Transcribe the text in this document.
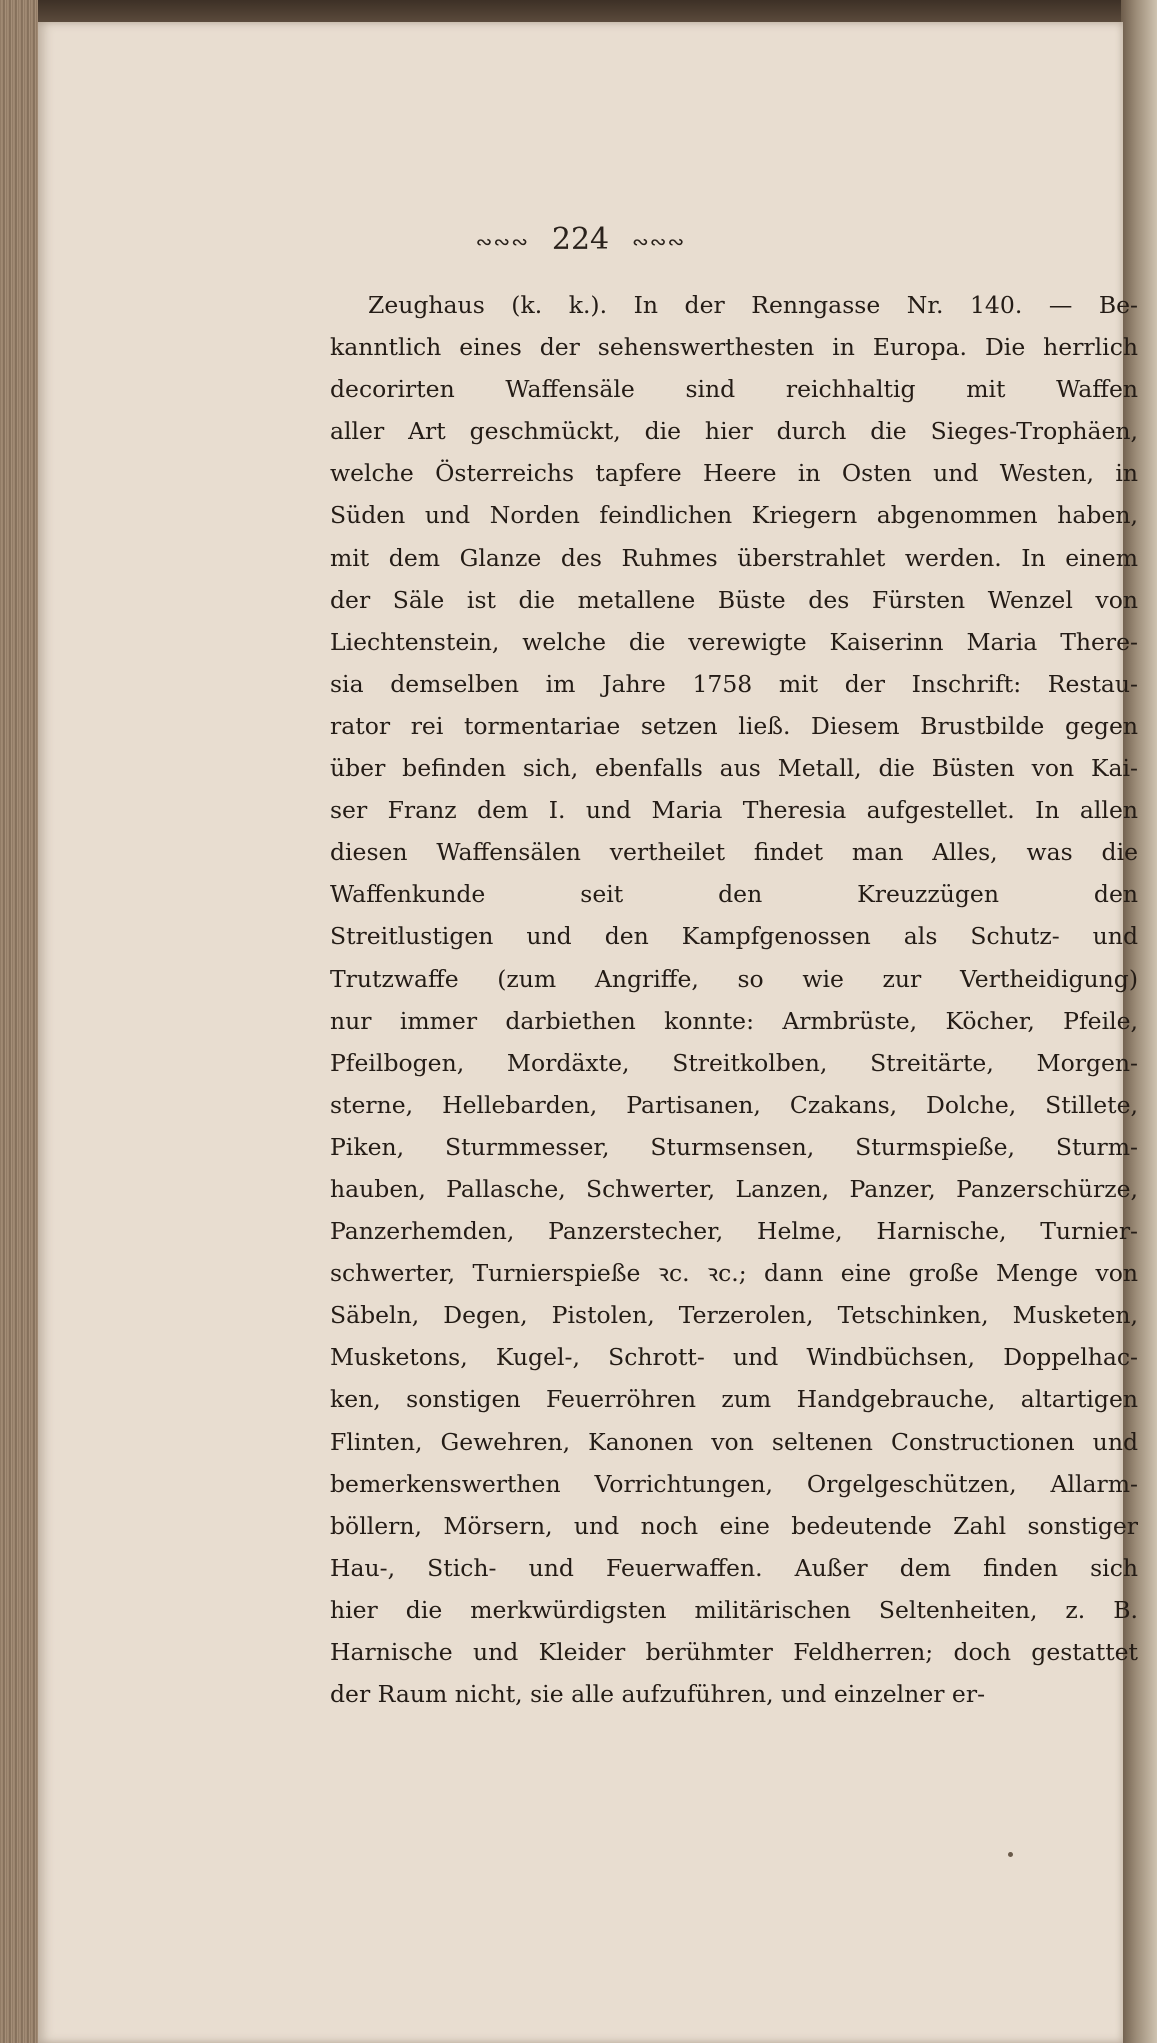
∾∾∾ 224 ∾∾∾
Zeughaus (k. k.). In der Renngasse Nr. 140. — Be-
kanntlich eines der sehenswerthesten in Europa. Die herrlich
decorirten Waffensäle sind reichhaltig mit Waffen
aller Art geschmückt, die hier durch die Sieges-Trophäen,
welche Österreichs tapfere Heere in Osten und Westen, in
Süden und Norden feindlichen Kriegern abgenommen haben,
mit dem Glanze des Ruhmes überstrahlet werden. In einem
der Säle ist die metallene Büste des Fürsten Wenzel von
Liechtenstein, welche die verewigte Kaiserinn Maria There-
sia demselben im Jahre 1758 mit der Inschrift: Restau-
rator rei tormentariae setzen ließ. Diesem Brustbilde gegen
über befinden sich, ebenfalls aus Metall, die Büsten von Kai-
ser Franz dem I. und Maria Theresia aufgestellet. In allen
diesen Waffensälen vertheilet findet man Alles, was die
Waffenkunde seit den Kreuzzügen den
Streitlustigen und den Kampfgenossen als Schutz- und
Trutzwaffe (zum Angriffe, so wie zur Vertheidigung)
nur immer darbiethen konnte: Armbrüste, Köcher, Pfeile,
Pfeilbogen, Mordäxte, Streitkolben, Streitärte, Morgen-
sterne, Hellebarden, Partisanen, Czakans, Dolche, Stillete,
Piken, Sturmmesser, Sturmsensen, Sturmspieße, Sturm-
hauben, Pallasche, Schwerter, Lanzen, Panzer, Panzerschürze,
Panzerhemden, Panzerstecher, Helme, Harnische, Turnier-
schwerter, Turnierspieße ꝛc. ꝛc.; dann eine große Menge von
Säbeln, Degen, Pistolen, Terzerolen, Tetschinken, Musketen,
Musketons, Kugel-, Schrott- und Windbüchsen, Doppelhac-
ken, sonstigen Feuerröhren zum Handgebrauche, altartigen
Flinten, Gewehren, Kanonen von seltenen Constructionen und
bemerkenswerthen Vorrichtungen, Orgelgeschützen, Allarm-
böllern, Mörsern, und noch eine bedeutende Zahl sonstiger
Hau-, Stich- und Feuerwaffen. Außer dem finden sich
hier die merkwürdigsten militärischen Seltenheiten, z. B.
Harnische und Kleider berühmter Feldherren; doch gestattet
der Raum nicht, sie alle aufzuführen, und einzelner er-
